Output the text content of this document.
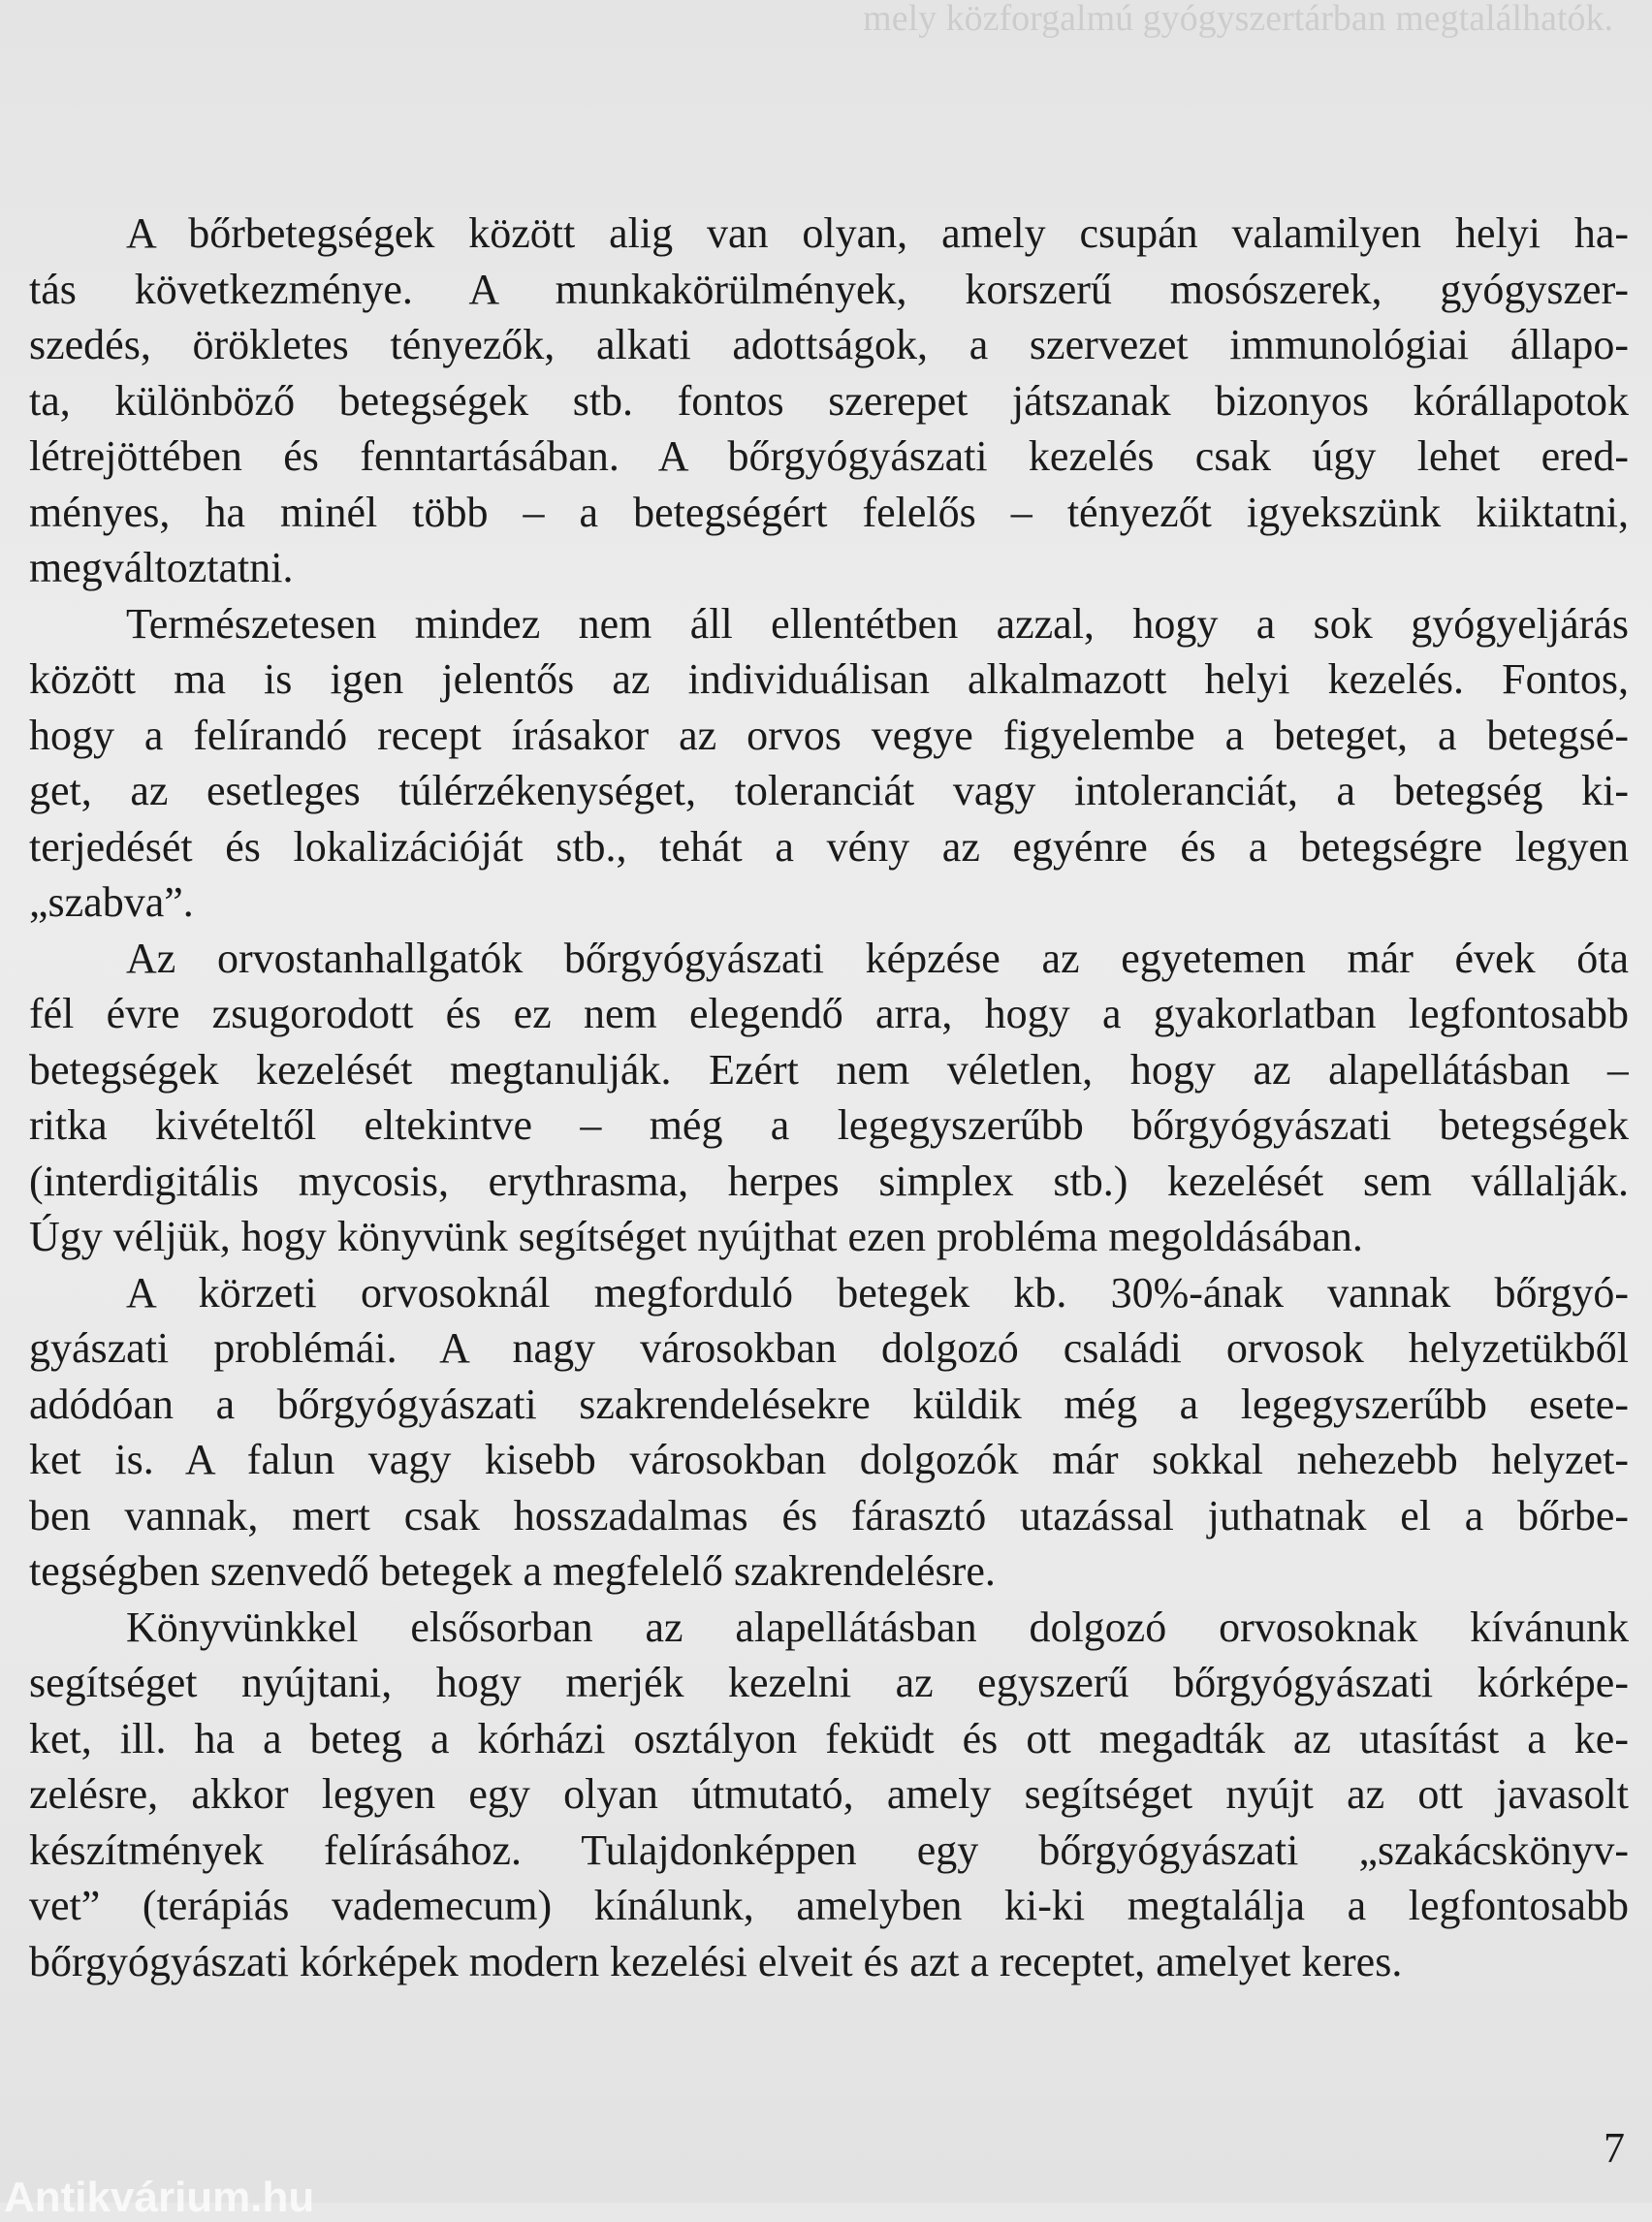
mely közforgalmú gyógyszertárban megtalálhatók.
A bőrbetegségek között alig van olyan, amely csupán valamilyen helyi ha-
tás következménye. A munkakörülmények, korszerű mosószerek, gyógyszer-
szedés, örökletes tényezők, alkati adottságok, a szervezet immunológiai állapo-
ta, különböző betegségek stb. fontos szerepet játszanak bizonyos kórállapotok
létrejöttében és fenntartásában. A bőrgyógyászati kezelés csak úgy lehet ered-
ményes, ha minél több – a betegségért felelős – tényezőt igyekszünk kiiktatni,
megváltoztatni.
Természetesen mindez nem áll ellentétben azzal, hogy a sok gyógyeljárás
között ma is igen jelentős az individuálisan alkalmazott helyi kezelés. Fontos,
hogy a felírandó recept írásakor az orvos vegye figyelembe a beteget, a betegsé-
get, az esetleges túlérzékenységet, toleranciát vagy intoleranciát, a betegség ki-
terjedését és lokalizációját stb., tehát a vény az egyénre és a betegségre legyen
„szabva”.
Az orvostanhallgatók bőrgyógyászati képzése az egyetemen már évek óta
fél évre zsugorodott és ez nem elegendő arra, hogy a gyakorlatban legfontosabb
betegségek kezelését megtanulják. Ezért nem véletlen, hogy az alapellátásban –
ritka kivételtől eltekintve – még a legegyszerűbb bőrgyógyászati betegségek
(interdigitális mycosis, erythrasma, herpes simplex stb.) kezelését sem vállalják.
Úgy véljük, hogy könyvünk segítséget nyújthat ezen probléma megoldásában.
A körzeti orvosoknál megforduló betegek kb. 30%-ának vannak bőrgyó-
gyászati problémái. A nagy városokban dolgozó családi orvosok helyzetükből
adódóan a bőrgyógyászati szakrendelésekre küldik még a legegyszerűbb esete-
ket is. A falun vagy kisebb városokban dolgozók már sokkal nehezebb helyzet-
ben vannak, mert csak hosszadalmas és fárasztó utazással juthatnak el a bőrbe-
tegségben szenvedő betegek a megfelelő szakrendelésre.
Könyvünkkel elsősorban az alapellátásban dolgozó orvosoknak kívánunk
segítséget nyújtani, hogy merjék kezelni az egyszerű bőrgyógyászati kórképe-
ket, ill. ha a beteg a kórházi osztályon feküdt és ott megadták az utasítást a ke-
zelésre, akkor legyen egy olyan útmutató, amely segítséget nyújt az ott javasolt
készítmények felírásához. Tulajdonképpen egy bőrgyógyászati „szakácskönyv-
vet” (terápiás vademecum) kínálunk, amelyben ki-ki megtalálja a legfontosabb
bőrgyógyászati kórképek modern kezelési elveit és azt a receptet, amelyet keres.
7
Antikvárium.hu
